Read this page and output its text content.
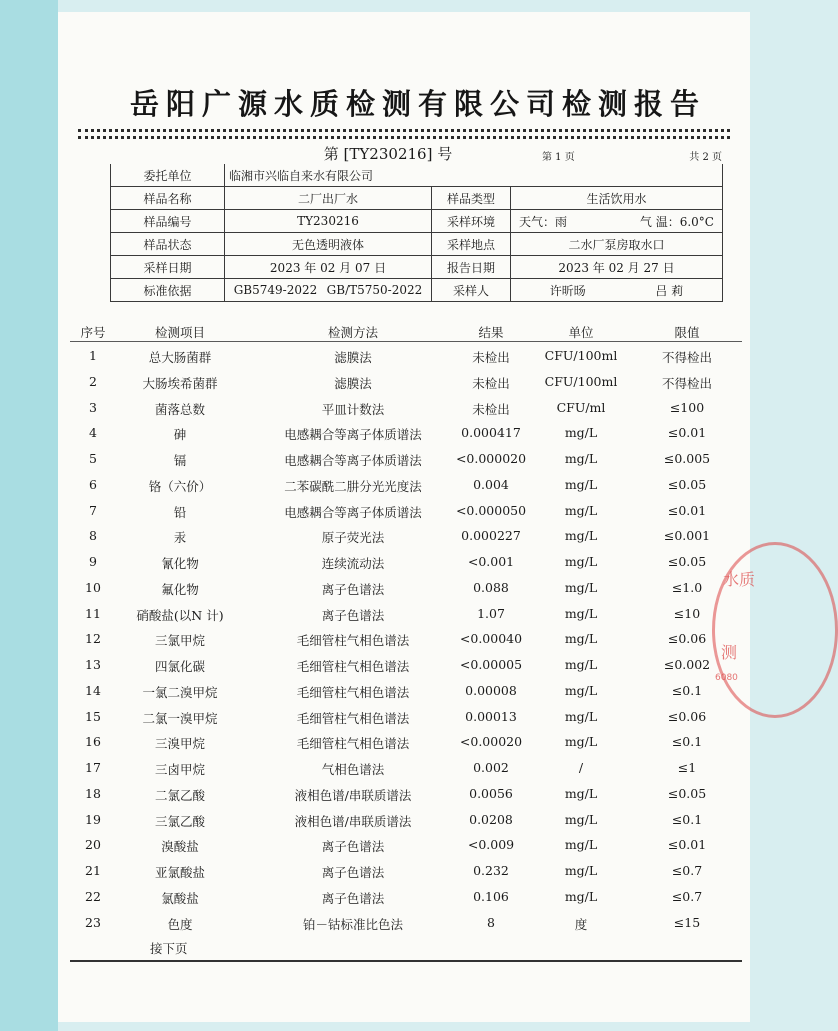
岳阳广源水质检测有限公司检测报告
第 [TY230216] 号	第 1 页	共 2 页
委托单位	临湘市兴临自来水有限公司		
样品名称	二厂出厂水	样品类型	生活饮用水
样品编号	TY230216	采样环境	天气：雨 气 温：6.0°C

样品状态	无色透明液体	采样地点	二水厂泵房取水口
采样日期	2023 年 02 月 07 日	报告日期	2023 年 02 月 27 日
标准依据	GB5749-2022 GB/T5750-2022	采样人	许昕旸 吕 莉
序号	检测项目	检测方法	结果	单位	限值
1	总大肠菌群	滤膜法	未检出	CFU/100ml	不得检出
2	大肠埃希菌群	滤膜法	未检出	CFU/100ml	不得检出
3	菌落总数	平皿计数法	未检出	CFU/ml	≤100
4	砷	电感耦合等离子体质谱法	0.000417	mg/L	≤0.01
5	镉	电感耦合等离子体质谱法	<0.000020	mg/L	≤0.005
6	铬（六价）	二苯碳酰二肼分光光度法	0.004	mg/L	≤0.05
7	铅	电感耦合等离子体质谱法	<0.000050	mg/L	≤0.01
8	汞	原子荧光法	0.000227	mg/L	≤0.001
9	氰化物	连续流动法	<0.001	mg/L	≤0.05
10	氟化物	离子色谱法	0.088	mg/L	≤1.0
11	硝酸盐(以N 计)	离子色谱法	1.07	mg/L	≤10
12	三氯甲烷	毛细管柱气相色谱法	<0.00040	mg/L	≤0.06
13	四氯化碳	毛细管柱气相色谱法	<0.00005	mg/L	≤0.002
14	一氯二溴甲烷	毛细管柱气相色谱法	0.00008	mg/L	≤0.1
15	二氯一溴甲烷	毛细管柱气相色谱法	0.00013	mg/L	≤0.06
16	三溴甲烷	毛细管柱气相色谱法	<0.00020	mg/L	≤0.1
17	三卤甲烷	气相色谱法	0.002	/	≤1
18	二氯乙酸	液相色谱/串联质谱法	0.0056	mg/L	≤0.05
19	三氯乙酸	液相色谱/串联质谱法	0.0208	mg/L	≤0.1
20	溴酸盐	离子色谱法	<0.009	mg/L	≤0.01
21	亚氯酸盐	离子色谱法	0.232	mg/L	≤0.7
22	氯酸盐	离子色谱法	0.106	mg/L	≤0.7
23	色度	铂－钴标准比色法	8	度	≤15
接下页
水质
测
6080
